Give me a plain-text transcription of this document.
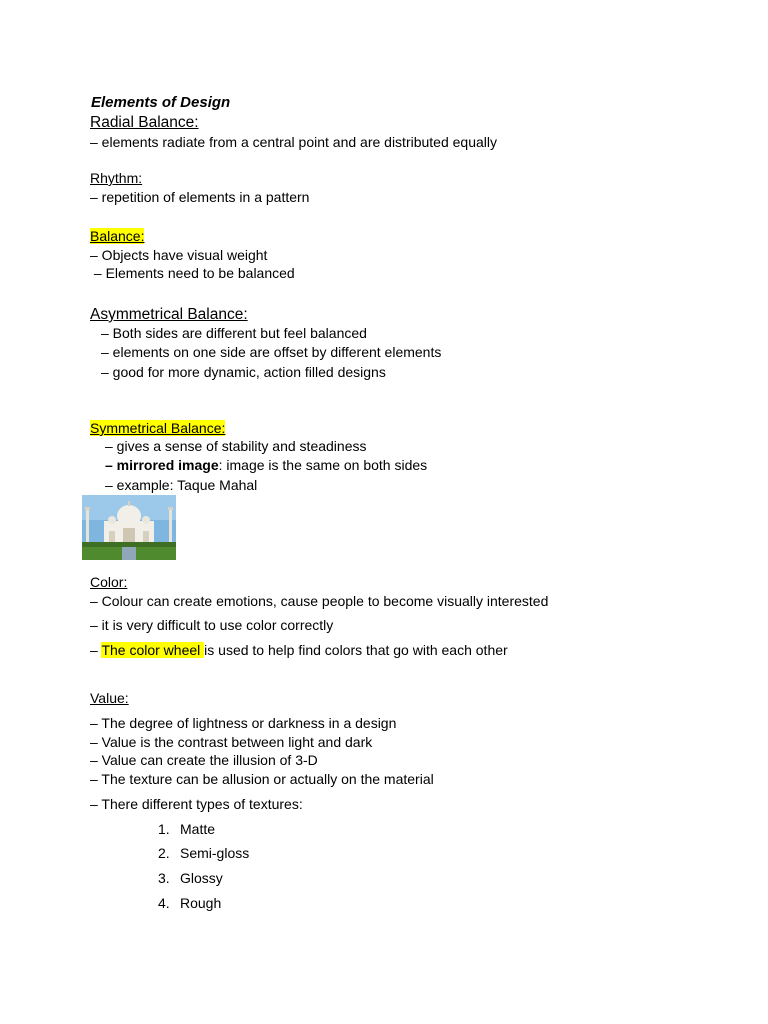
Elements of Design
Radial Balance:
– elements radiate from a central point and are distributed equally
Rhythm:
– repetition of elements in a pattern
Balance:
– Objects have visual weight
– Elements need to be balanced
Asymmetrical Balance:
– Both sides are different but feel balanced
– elements on one side are offset by different elements
– good for more dynamic, action filled designs
Symmetrical Balance:
– gives a sense of stability and steadiness
– mirrored image: image is the same on both sides
– example: Taque Mahal
Color:
– Colour can create emotions, cause people to become visually interested
– it is very difficult to use color correctly
– The color wheel is used to help find colors that go with each other
Value:
– The degree of lightness or darkness in a design
– Value is the contrast between light and dark
– Value can create the illusion of 3-D
– The texture can be allusion or actually on the material
– There different types of textures:
1. Matte
2. Semi-gloss
3. Glossy
4. Rough
